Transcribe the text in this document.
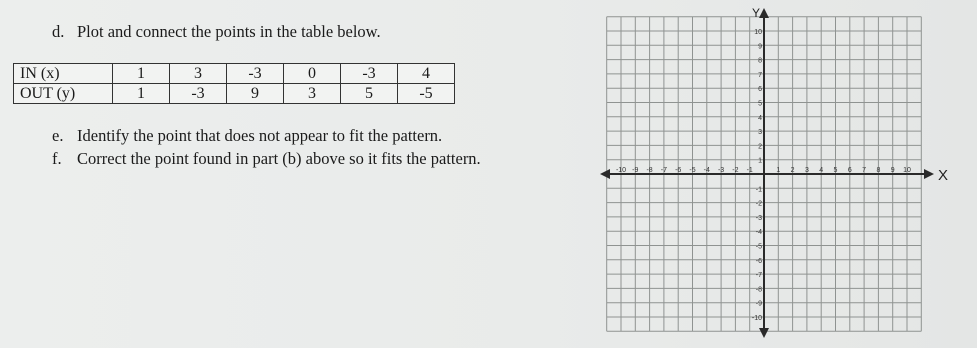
d. Plot and connect the points in the table below.
IN (x)	1	3	-3	0	-3	4
OUT (y)	1	-3	9	3	5	-5
e. Identify the point that does not appear to fit the pattern.
f. Correct the point found in part (b) above so it fits the pattern.
-10 -9 -8 -7 -6 -5 -4 -3 -2 -1	1 2 3 4 5 6 7 8 9 10
-10
-9
-8
-7
-6
-5
-4
-3
-2
-1
1
2
3
4
5
6
7
8
9
10
X
Y
